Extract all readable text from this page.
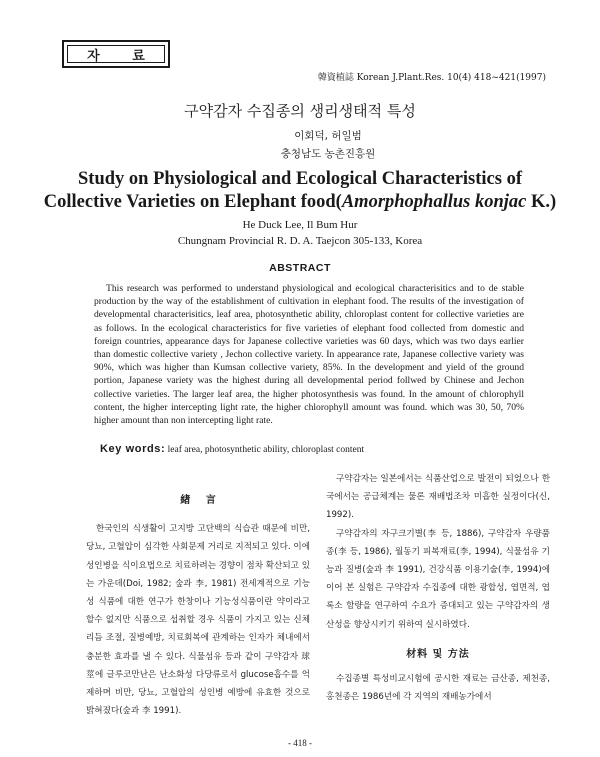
자 료
韓資植誌 Korean J.Plant.Res. 10(4) 418~421(1997)
구약감자 수집종의 생리생태적 특성
이회덕, 허일범
충청남도 농촌진흥원
Study on Physiological and Ecological Characteristics of
Collective Varieties on Elephant food(Amorphophallus konjac K.)
He Duck Lee, Il Bum Hur
Chungnam Provincial R. D. A. Taejcon 305-133, Korea
ABSTRACT

This research was performed to understand physiological and ecological characterisitics and to de stable production by the way of the establishment of cultivation in elephant food. The results of the investigation of developmental characterisitics, leaf area, photosynthetic ability, chloroplast content for collective varieties are as follows. In the ecological characteristics for five varieties of elephant food collected from domestic and foreign countries, appearance days for Japanese collective varieties was 60 days, which was two days earlier than domestic collective variety , Jechon collective variety. In appearance rate, Japanese collective variety was 90%, which was higher than Kumsan collective variety, 85%. In the development and yield of the ground portion, Japanese variety was the highest during all developmental period follwed by Chinese and Jechon collective varieties. The larger leaf area, the higher photosynthesis was found. In the amount of chlorophyll content, the higher intercepting light rate, the higher chlorophyll amount was found. which was 30, 50, 70% higher amount than non intercepting light rate.

Key words: leaf area, photosynthetic ability, chloroplast content
緖 言

한국인의 식생활이 고지방 고단백의 식습관 때문에 비만, 당뇨, 고혈압이 심각한 사회문제 거리로 지적되고 있다. 이에 성인병을 식이요법으로 치료하려는 경향이 점차 확산되고 있는 가운데(Doi, 1982; 숲과 李, 1981) 전세계적으로 기능성 식품에 대한 연구가 한창이나 기능성식품이란 약이라고 할수 없지만 식품으로 섭취할 경우 식품이 가지고 있는 신체리듬 조절, 질병예방, 치료회복에 관계하는 인자가 체내에서 충분한 효과를 낼 수 있다. 식물섬유 등과 같이 구약감자 球莖에 글루코만난은 난소화성 다당류로서 glucose흡수를 억제하며 비만, 당뇨, 고혈압의 성인병 예방에 유효한 것으로 밝혀졌다(숲과 李 1991).

구약감자는 일본에서는 식품산업으로 발전이 되었으나 한국에서는 공급체계는 물론 재배법조차 미흡한 실정이다(신, 1992).

구약감자의 자구크기별(李 등, 1886), 구약감자 우량품종(李 등, 1986), 월동기 피복재료(李, 1994), 식물섬유 기능과 질병(숲과 李 1991), 건강식품 이용기술(李, 1994)에 이어 본 실험은 구약감자 수집종에 대한 광합성, 엽면적, 엽록소 함량을 연구하여 수요가 증대되고 있는 구약감자의 생산성을 향상시키기 위하여 실시하였다.

材料 및 方法

수집종별 특성비교시험에 공시한 재료는 금산종, 제천종, 홍천종은 1986년에 각 지역의 재배농가에서

- 418 -
